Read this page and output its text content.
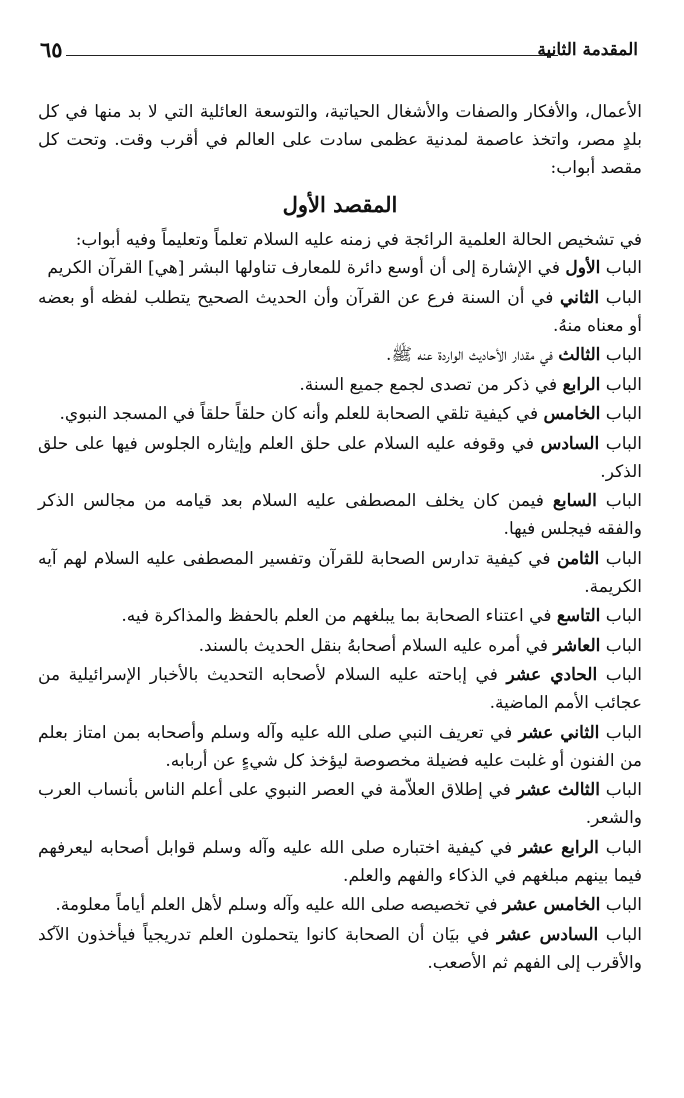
٦٥	المقدمة الثانية

الأعمال، والأفكار والصفات والأشغال الحياتية، والتوسعة العائلية التي لا بد منها في كل بلدٍ مصر، واتخذ عاصمة لمدنية عظمى سادت على العالم في أقرب وقت. وتحت كل مقصد أبواب:

المقصد الأول

في تشخيص الحالة العلمية الرائجة في زمنه عليه السلام تعلماً وتعليماً وفيه أبواب:

الباب الأول في الإشارة إلى أن أوسع دائرة للمعارف تناولها البشر [هي] القرآن الكريم

الباب الثاني في أن السنة فرع عن القرآن وأن الحديث الصحيح يتطلب لفظه أو بعضه أو معناه منهُ.

الباب الثالث في مقدار الأحاديث الواردة عنه ﷺ.

الباب الرابع في ذكر من تصدى لجمع جميع السنة.

الباب الخامس في كيفية تلقي الصحابة للعلم وأنه كان حلقاً حلقاً في المسجد النبوي.

الباب السادس في وقوفه عليه السلام على حلق العلم وإيثاره الجلوس فيها على حلق الذكر.

الباب السابع فيمن كان يخلف المصطفى عليه السلام بعد قيامه من مجالس الذكر والفقه فيجلس فيها.

الباب الثامن في كيفية تدارس الصحابة للقرآن وتفسير المصطفى عليه السلام لهم آيه الكريمة.

الباب التاسع في اعتناء الصحابة بما يبلغهم من العلم بالحفظ والمذاكرة فيه.

الباب العاشر في أمره عليه السلام أصحابهُ بنقل الحديث بالسند.

الباب الحادي عشر في إباحته عليه السلام لأصحابه التحديث بالأخبار الإسرائيلية من عجائب الأمم الماضية.

الباب الثاني عشر في تعريف النبي صلى الله عليه وآله وسلم وأصحابه بمن امتاز بعلم من الفنون أو غلبت عليه فضيلة مخصوصة ليؤخذ كل شيءٍ عن أربابه.

الباب الثالث عشر في إطلاق العلاّمة في العصر النبوي على أعلم الناس بأنساب العرب والشعر.

الباب الرابع عشر في كيفية اختباره صلى الله عليه وآله وسلم قوابل أصحابه ليعرفهم فيما بينهم مبلغهم في الذكاء والفهم والعلم.

الباب الخامس عشر في تخصيصه صلى الله عليه وآله وسلم لأهل العلم أياماً معلومة.

الباب السادس عشر في بيَان أن الصحابة كانوا يتحملون العلم تدريجياً فيأخذون الآكد والأقرب إلى الفهم ثم الأصعب.
